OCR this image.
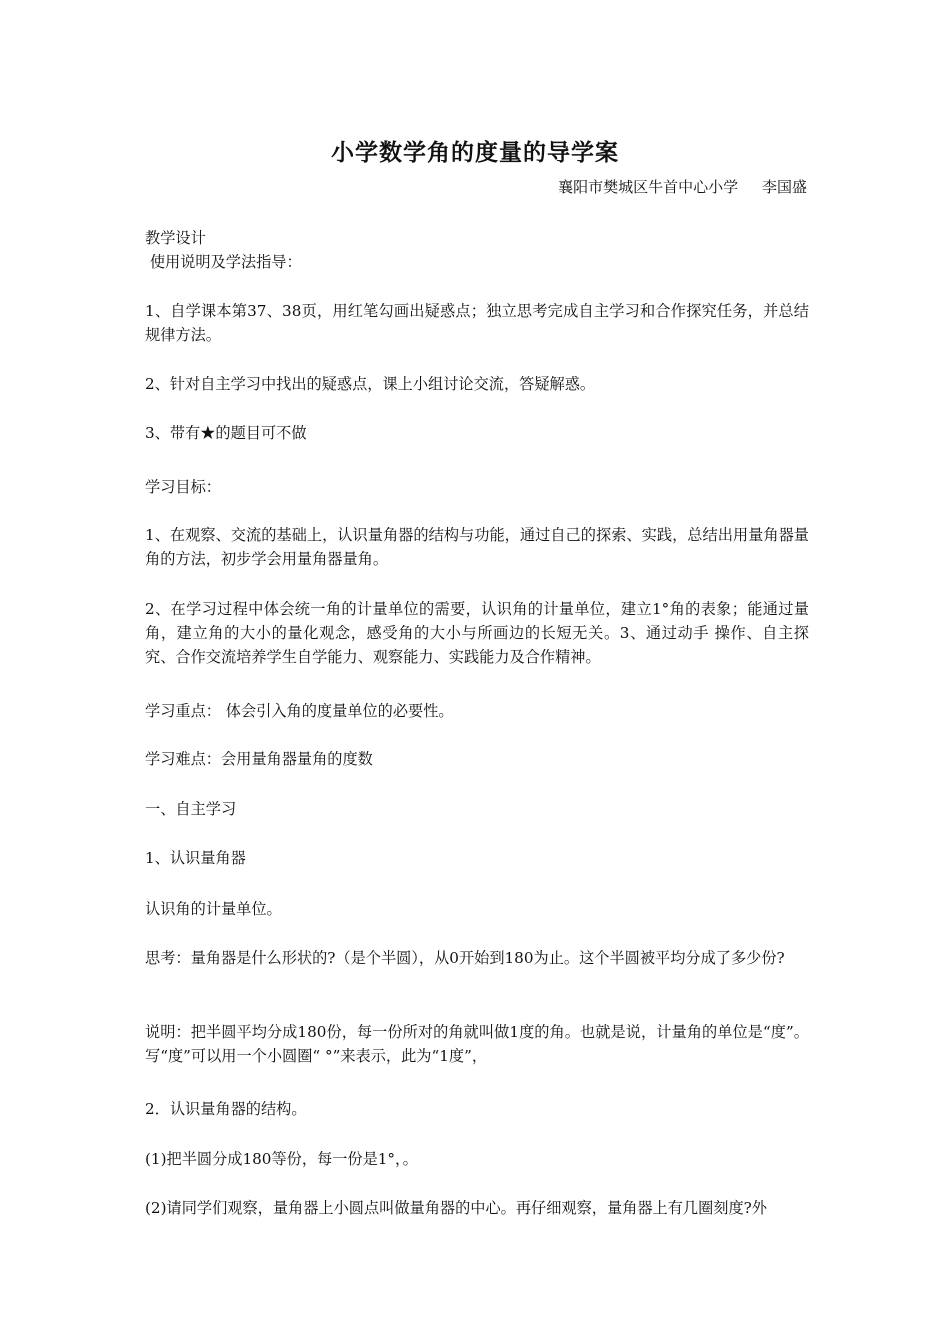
小学数学角的度量的导学案
襄阳市樊城区牛首中心小学     李国盛
教学设计
使用说明及学法指导：
1、自学课本第37、38页，用红笔勾画出疑惑点；独立思考完成自主学习和合作探究任务，并总结规律方法。
2、针对自主学习中找出的疑惑点，课上小组讨论交流，答疑解惑。
3、带有★的题目可不做
学习目标：
1、在观察、交流的基础上，认识量角器的结构与功能，通过自己的探索、实践，总结出用量角器量角的方法，初步学会用量角器量角。
2、在学习过程中体会统一角的计量单位的需要，认识角的计量单位，建立1°角的表象；能通过量角，建立角的大小的量化观念，感受角的大小与所画边的长短无关。3、通过动手 操作、自主探究、合作交流培养学生自学能力、观察能力、实践能力及合作精神。
学习重点： 体会引入角的度量单位的必要性。
学习难点：会用量角器量角的度数
一、自主学习
1、认识量角器
认识角的计量单位。
思考：量角器是什么形状的?（是个半圆），从0开始到180为止。这个半圆被平均分成了多少份?
说明：把半圆平均分成180份，每一份所对的角就叫做1度的角。也就是说，计量角的单位是“度”。写“度”可以用一个小圆圈“ °”来表示，此为“1度”，
2．认识量角器的结构。
(1)把半圆分成180等份，每一份是1°，。
(2)请同学们观察，量角器上小圆点叫做量角器的中心。再仔细观察，量角器上有几圈刻度?外
